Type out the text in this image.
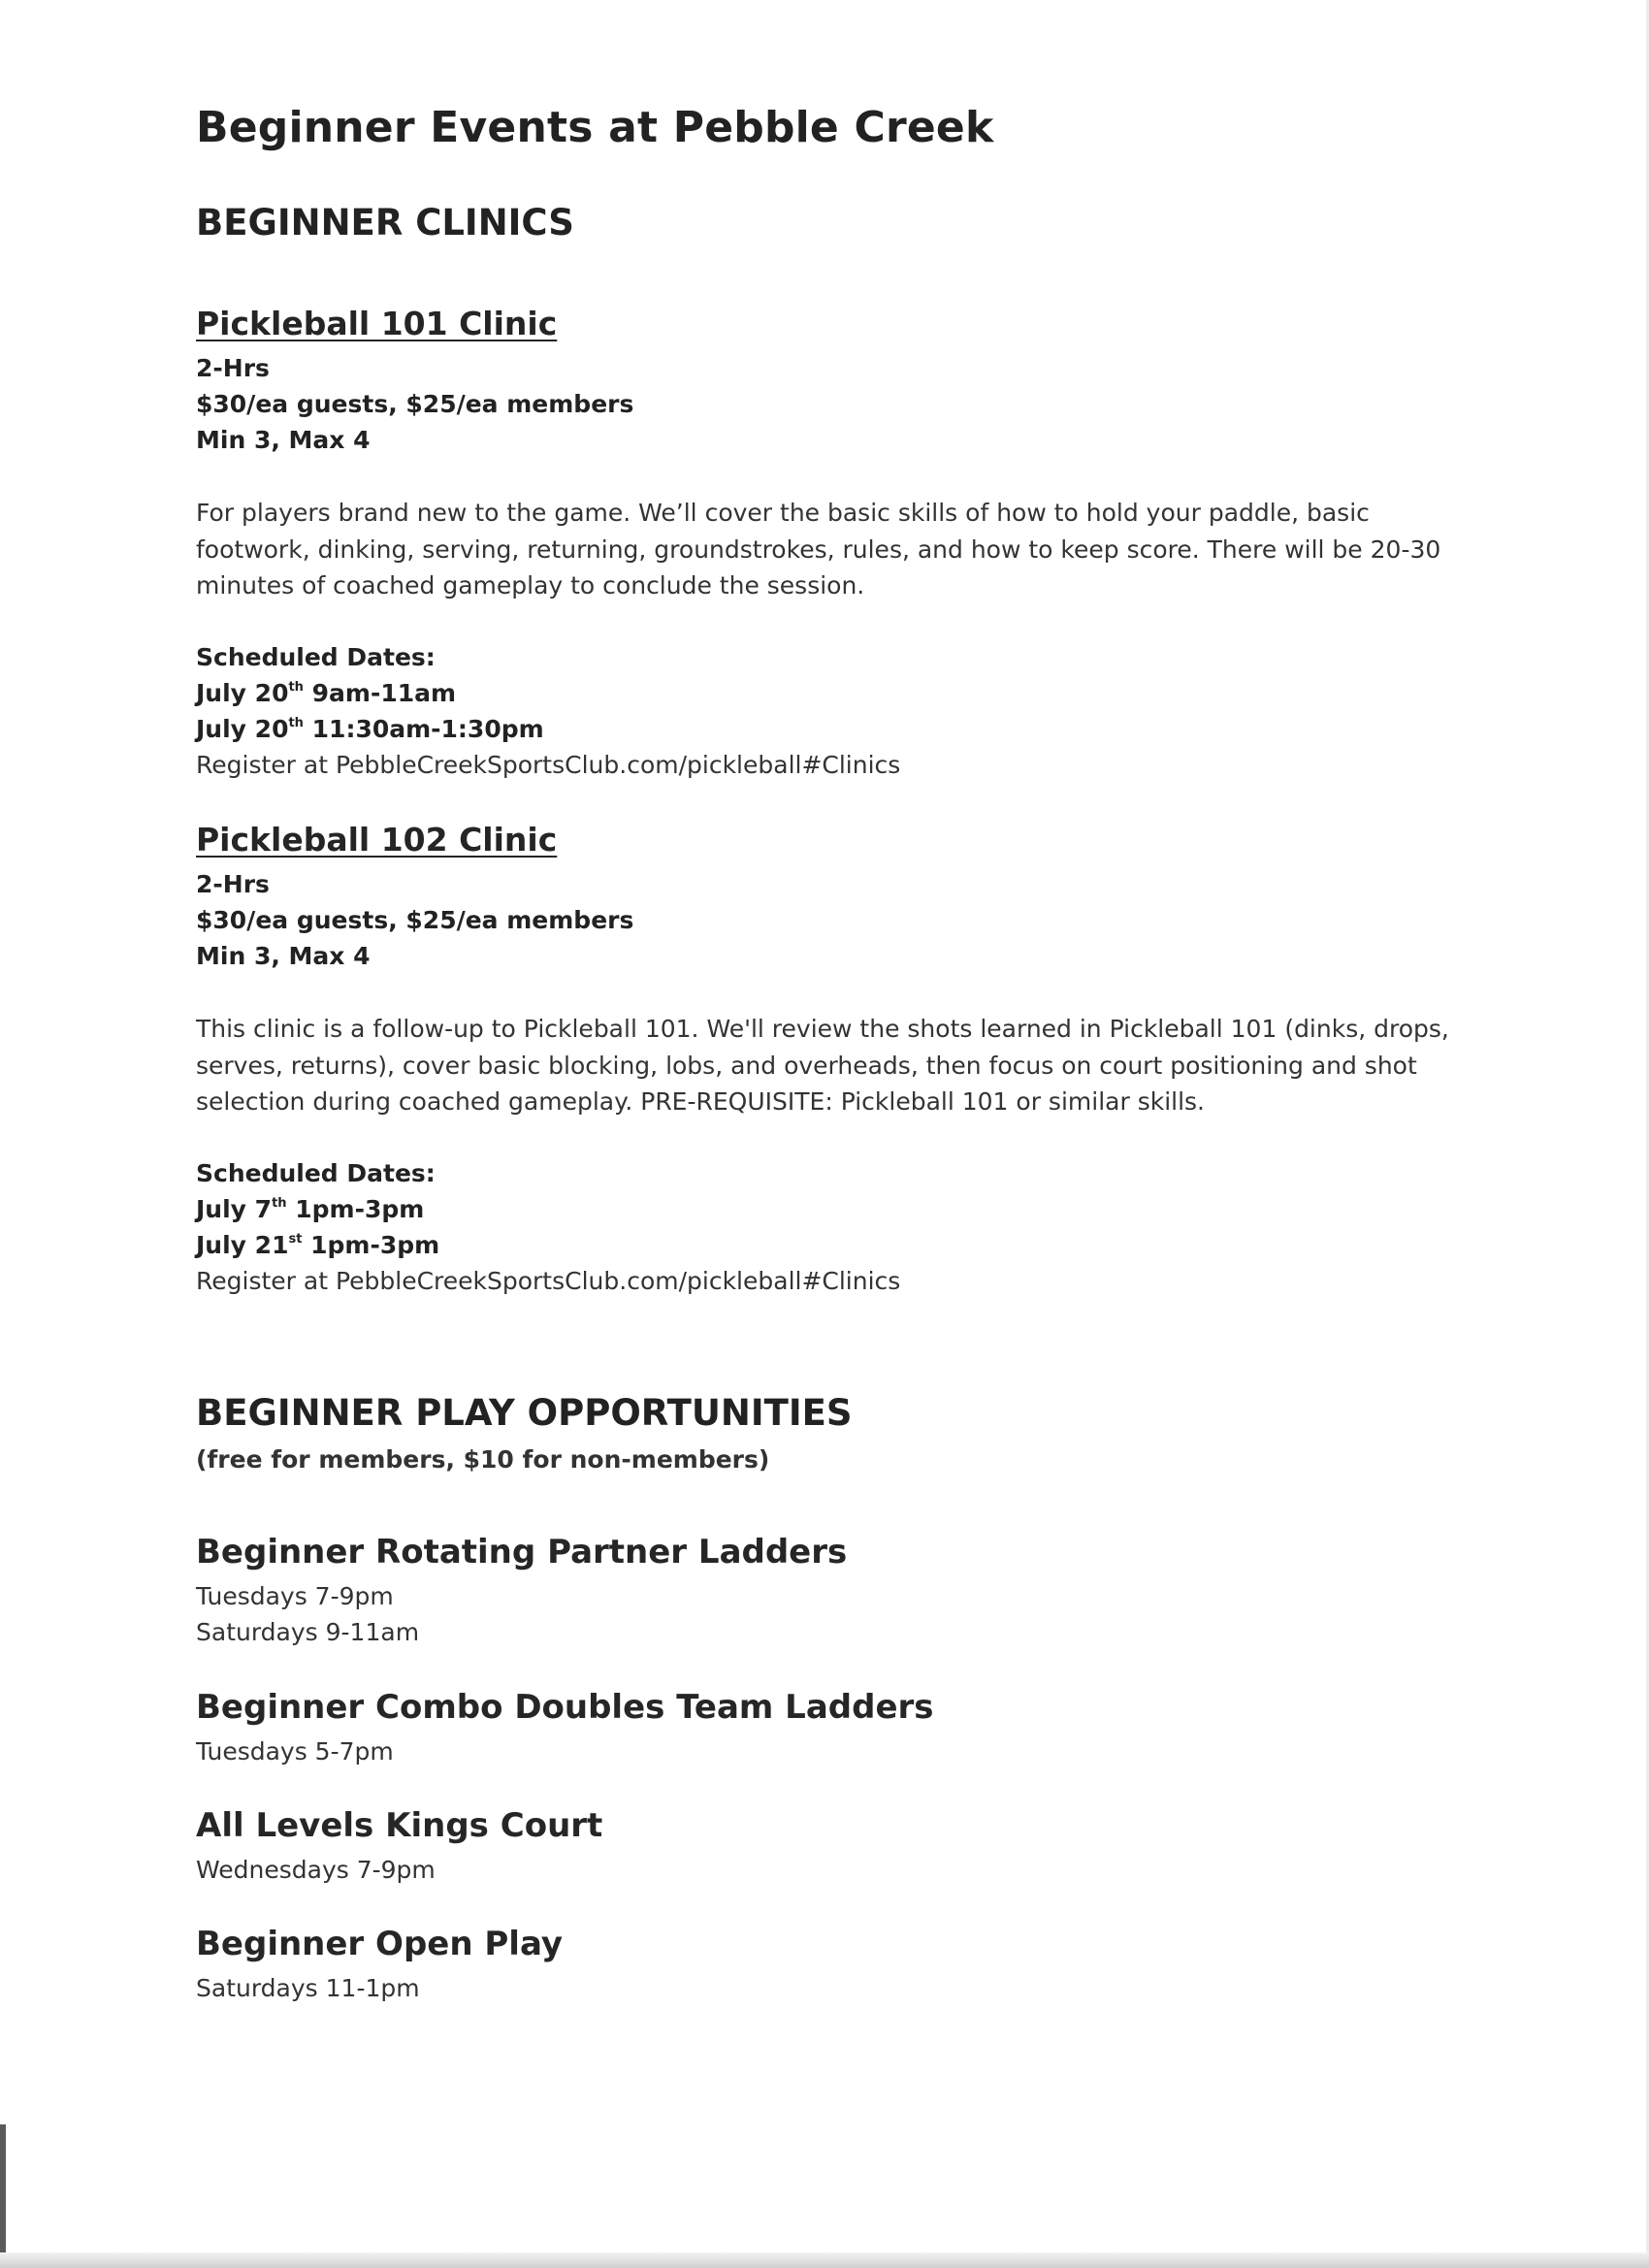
Beginner Events at Pebble Creek
BEGINNER CLINICS
Pickleball 101 Clinic
2-Hrs
$30/ea guests, $25/ea members
Min 3, Max 4
For players brand new to the game. We’ll cover the basic skills of how to hold your paddle, basic footwork, dinking, serving, returning, groundstrokes, rules, and how to keep score. There will be 20-30 minutes of coached gameplay to conclude the session.
Scheduled Dates:
July 20th 9am-11am
July 20th 11:30am-1:30pm
Register at PebbleCreekSportsClub.com/pickleball#Clinics
Pickleball 102 Clinic
2-Hrs
$30/ea guests, $25/ea members
Min 3, Max 4
This clinic is a follow-up to Pickleball 101. We'll review the shots learned in Pickleball 101 (dinks, drops, serves, returns), cover basic blocking, lobs, and overheads, then focus on court positioning and shot selection during coached gameplay. PRE-REQUISITE: Pickleball 101 or similar skills.
Scheduled Dates:
July 7th 1pm-3pm
July 21st 1pm-3pm
Register at PebbleCreekSportsClub.com/pickleball#Clinics
BEGINNER PLAY OPPORTUNITIES
(free for members, $10 for non-members)
Beginner Rotating Partner Ladders
Tuesdays 7-9pm
Saturdays 9-11am
Beginner Combo Doubles Team Ladders
Tuesdays 5-7pm
All Levels Kings Court
Wednesdays 7-9pm
Beginner Open Play
Saturdays 11-1pm
